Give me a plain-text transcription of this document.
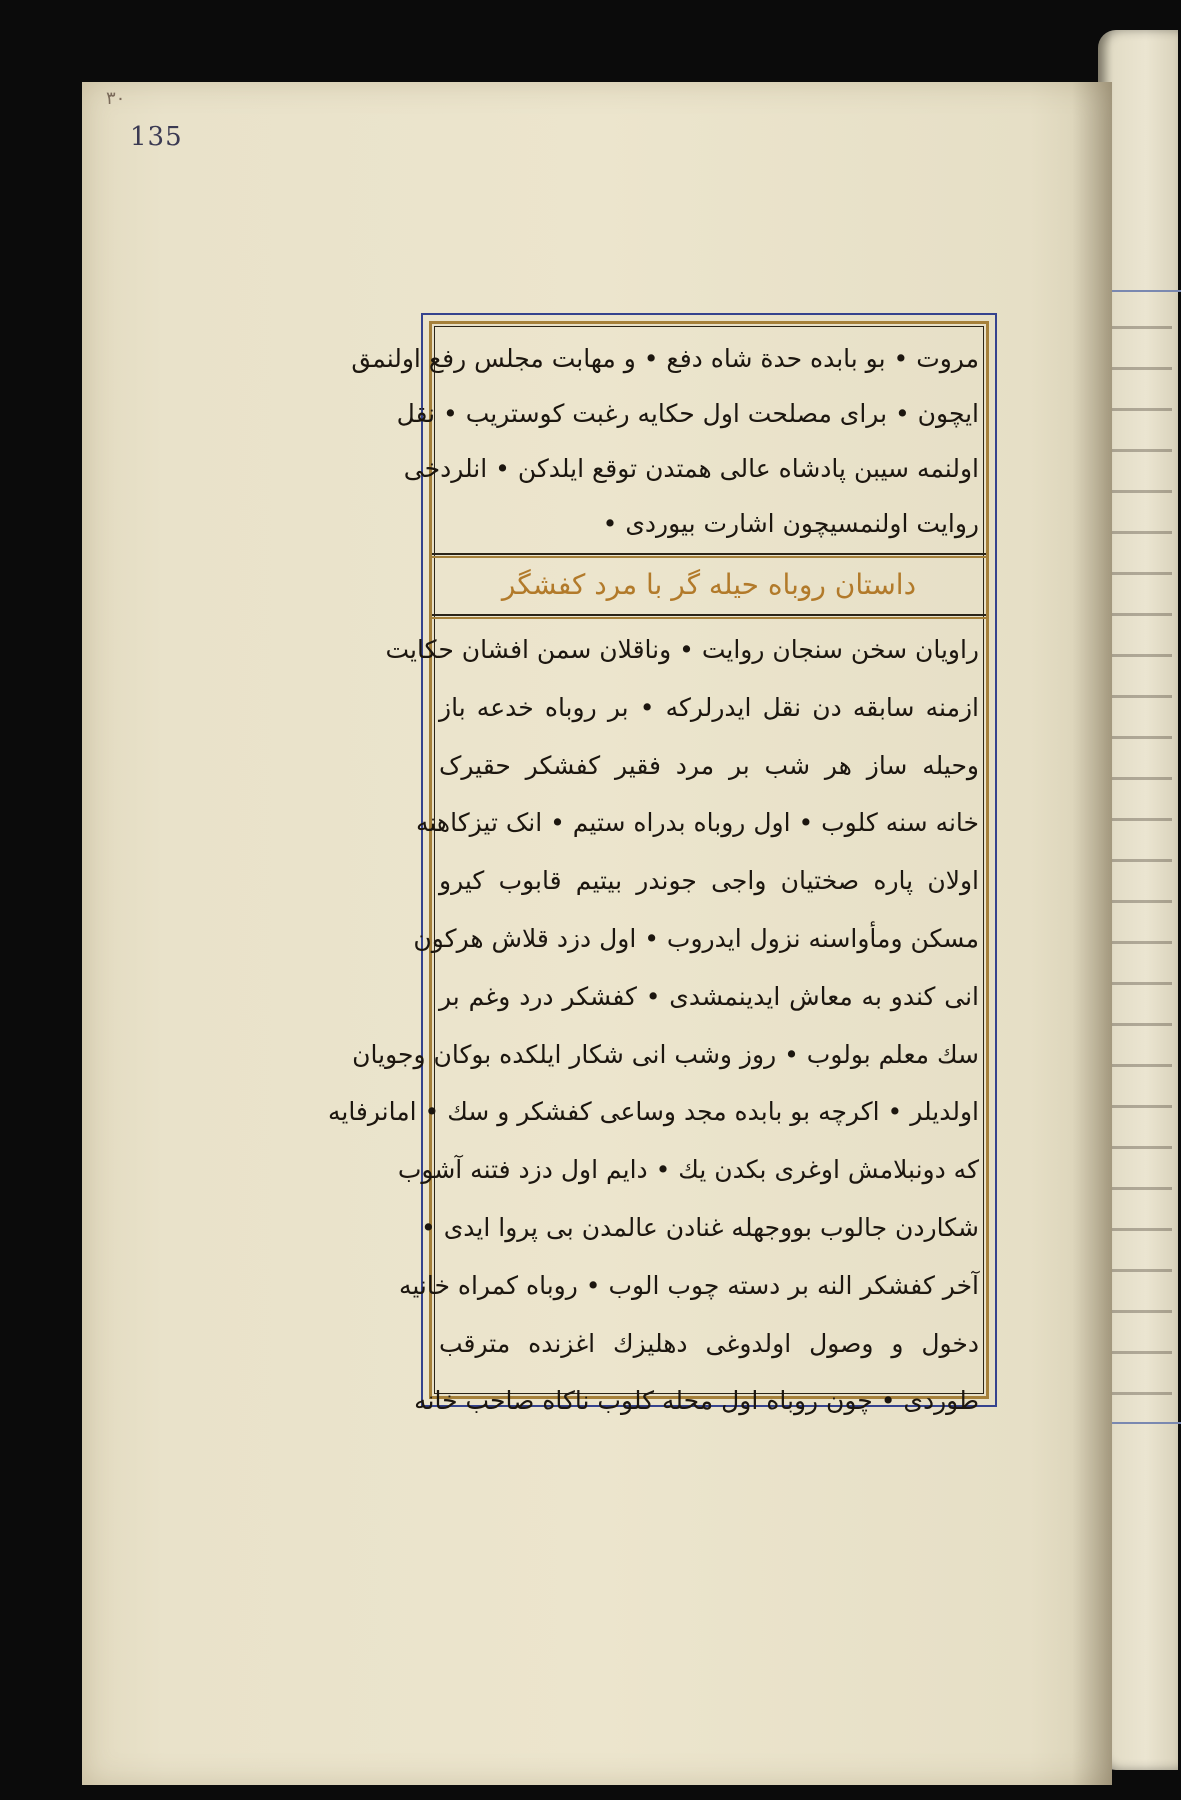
۳۰
135
مروت • بو بابده حدة شاه دفع • و مهابت مجلس رفع اولنمق
ایچون • برای مصلحت اول حکایه رغبت کوستریب • نقل
اولنمه سیبن پادشاه عالی همتدن توقع ایلدکن • انلردخی
روایت اولنمسیچون اشارت بیوردی •
داستان روباه حیله گر با مرد کفشگر
راویان سخن سنجان روایت • وناقلان سمن افشان حکایت
ازمنه سابقه دن نقل ایدرلرکه • بر روباه خدعه باز
وحیله ساز هر شب بر مرد فقیر کفشکر حقیرک
خانه سنه کلوب • اول روباه بدراه ستیم • انک تیزکاهنه
اولان پاره صختیان واجی جوندر بیتیم قابوب کیرو
مسکن ومأواسنه نزول ایدروب • اول دزد قلاش هرکون
انی کندو به معاش ایدینمشدی • کفشکر درد وغم بر
سك معلم بولوب • روز وشب انی شکار ایلکده بوکان وجویان
اولدیلر • اکرچه بو بابده مجد وساعی کفشکر و سك • امانرفایه
که دونبلامش اوغری بکدن یك • دایم اول دزد فتنه آشوب
شکاردن جالوب بووجهله غنادن عالمدن بی پروا ایدی •
آخر کفشکر النه بر دسته چوب الوب • روباه کمراه خانیه
دخول و وصول اولدوغی دهلیزك اغزنده مترقب
طوردی • چون روباه اول محله کلوب ناکاه صاحب خانه
